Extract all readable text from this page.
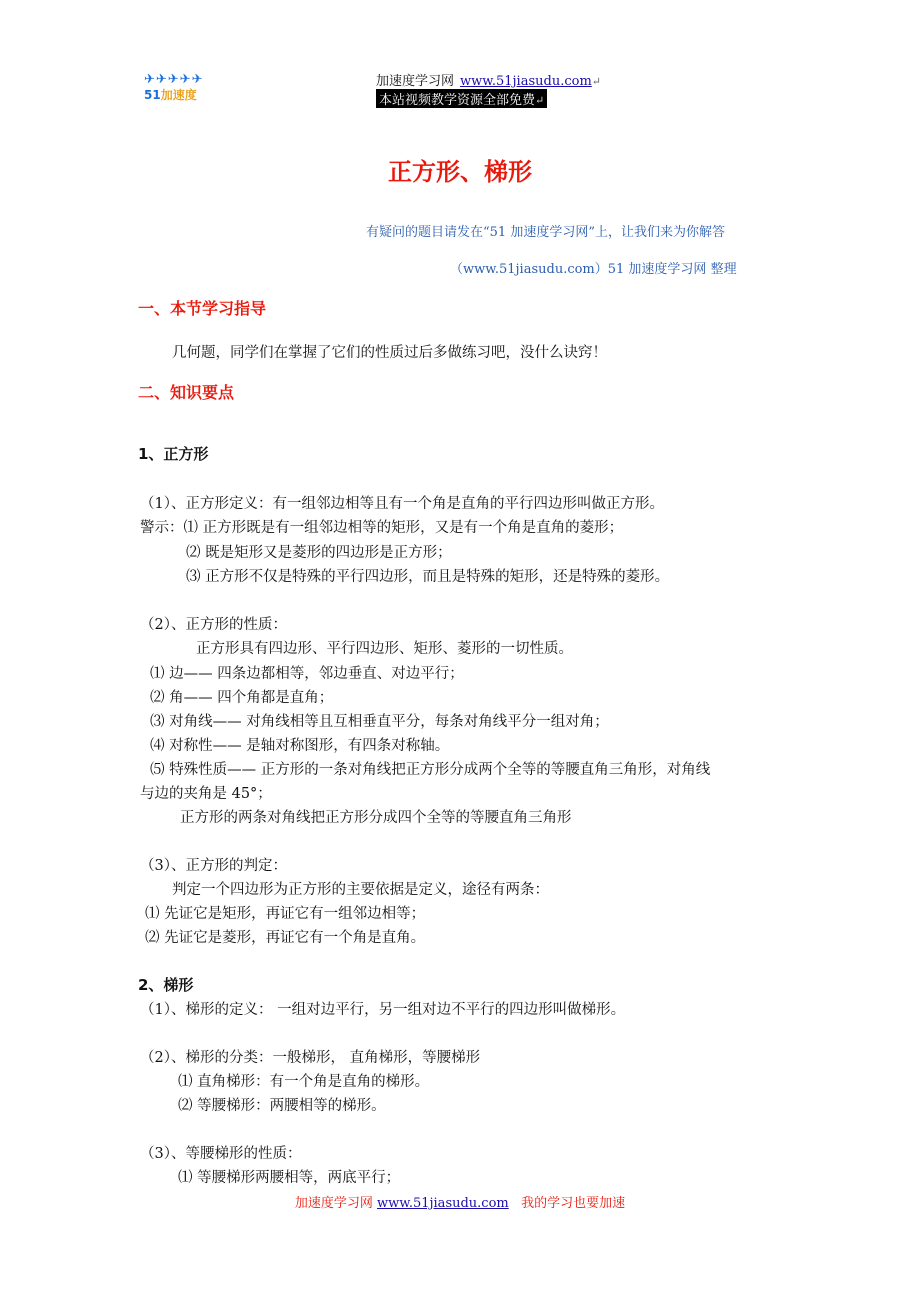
✈✈✈✈✈
51加速度
加速度学习网 www.51jiasudu.com↵
本站视频教学资源全部免费↵
正方形、梯形
有疑问的题目请发在“51 加速度学习网”上，让我们来为你解答
（www.51jiasudu.com）51 加速度学习网 整理
一、本节学习指导
几何题，同学们在掌握了它们的性质过后多做练习吧，没什么诀窍！
二、知识要点
1、正方形
（1）、正方形定义：有一组邻边相等且有一个角是直角的平行四边形叫做正方形。
警示：⑴ 正方形既是有一组邻边相等的矩形，又是有一个角是直角的菱形；
⑵ 既是矩形又是菱形的四边形是正方形；
⑶ 正方形不仅是特殊的平行四边形，而且是特殊的矩形，还是特殊的菱形。
（2）、正方形的性质：
正方形具有四边形、平行四边形、矩形、菱形的一切性质。
⑴ 边—— 四条边都相等，邻边垂直、对边平行；
⑵ 角—— 四个角都是直角；
⑶ 对角线—— 对角线相等且互相垂直平分，每条对角线平分一组对角；
⑷ 对称性—— 是轴对称图形，有四条对称轴。
⑸ 特殊性质—— 正方形的一条对角线把正方形分成两个全等的等腰直角三角形，对角线
与边的夹角是 45°；
正方形的两条对角线把正方形分成四个全等的等腰直角三角形
（3）、正方形的判定：
判定一个四边形为正方形的主要依据是定义，途径有两条：
⑴ 先证它是矩形，再证它有一组邻边相等；
⑵ 先证它是菱形，再证它有一个角是直角。
2、梯形
（1）、梯形的定义： 一组对边平行，另一组对边不平行的四边形叫做梯形。
（2）、梯形的分类：一般梯形， 直角梯形，等腰梯形
⑴ 直角梯形：有一个角是直角的梯形。
⑵ 等腰梯形：两腰相等的梯形。
（3）、等腰梯形的性质：
⑴ 等腰梯形两腰相等，两底平行；
加速度学习网 www.51jiasudu.com 我的学习也要加速
